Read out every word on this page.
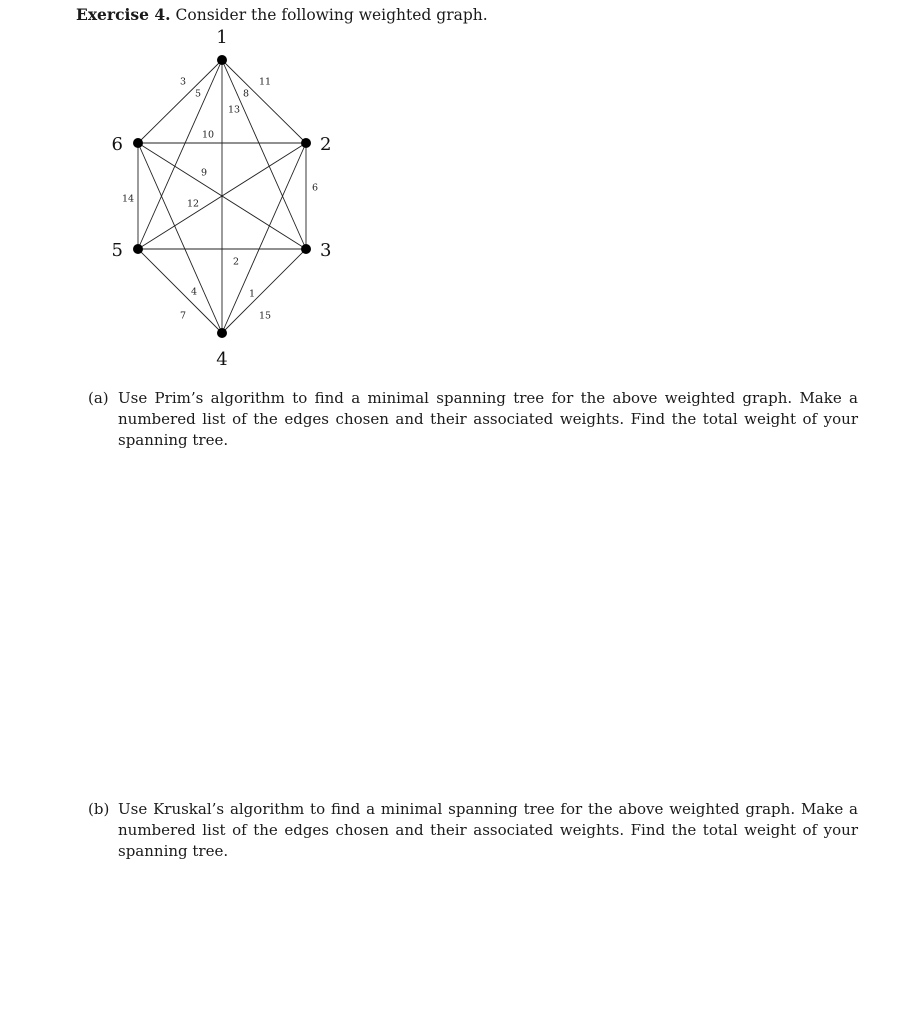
Exercise 4. Consider the following weighted graph.
11
8
13
5
3
6
1
12
10
15
2
9
7
4
14
1
2
3
4
5
6
(a) Use Prim’s algorithm to find a minimal spanning tree for the above weighted graph. Make a numbered list of the edges chosen and their associated weights. Find the total weight of your spanning tree.
(b) Use Kruskal’s algorithm to find a minimal spanning tree for the above weighted graph. Make a numbered list of the edges chosen and their associated weights. Find the total weight of your spanning tree.
